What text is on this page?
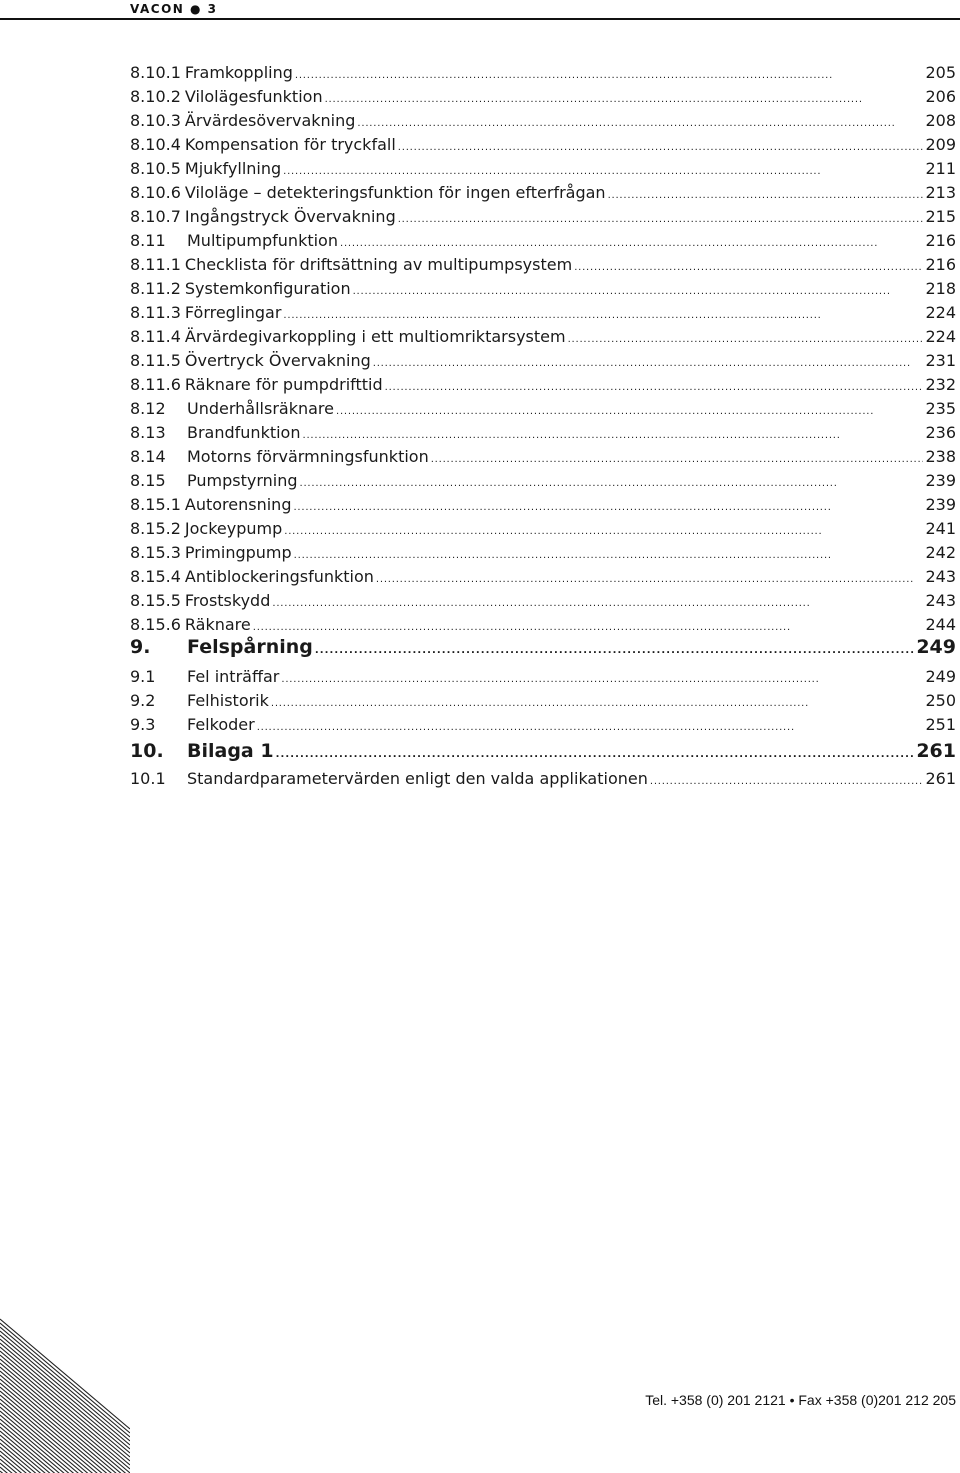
VACON ● 3
8.10.1 Framkoppling . . .	205
8.10.2 Vilolägesfunktion . . .	206
8.10.3 Ärvärdesövervakning . . .	208
8.10.4 Kompensation för tryckfall . . .	209
8.10.5 Mjukfyllning . . .	211
8.10.6 Viloläge – detekteringsfunktion för ingen efterfrågan . . .	213
8.10.7 Ingångstryck Övervakning . . .	215
8.11	Multipumpfunktion . . .	216
8.11.1 Checklista för driftsättning av multipumpsystem . . .	216
8.11.2 Systemkonfiguration . . .	218
8.11.3 Förreglingar . . .	224
8.11.4 Ärvärdegivarkoppling i ett multiomriktarsystem . . .	224
8.11.5 Övertryck Övervakning . . .	231
8.11.6 Räknare för pumpdrifttid . . .	232
8.12	Underhållsräknare . . .	235
8.13	Brandfunktion . . .	236
8.14	Motorns förvärmningsfunktion . . .	238
8.15	Pumpstyrning . . .	239
8.15.1 Autorensning . . .	239
8.15.2 Jockeypump . . .	241
8.15.3 Primingpump . . .	242
8.15.4 Antiblockeringsfunktion . . .	243
8.15.5 Frostskydd . . .	243
8.15.6 Räknare . . .	244
9.	Felspårning . . .	249
9.1	Fel inträffar . . .	249
9.2	Felhistorik . . .	250
9.3	Felkoder . . .	251
10.	Bilaga 1 . . .	261
10.1	Standardparametervärden enligt den valda applikationen . . .	261
Tel. +358 (0) 201 2121 • Fax +358 (0)201 212 205
